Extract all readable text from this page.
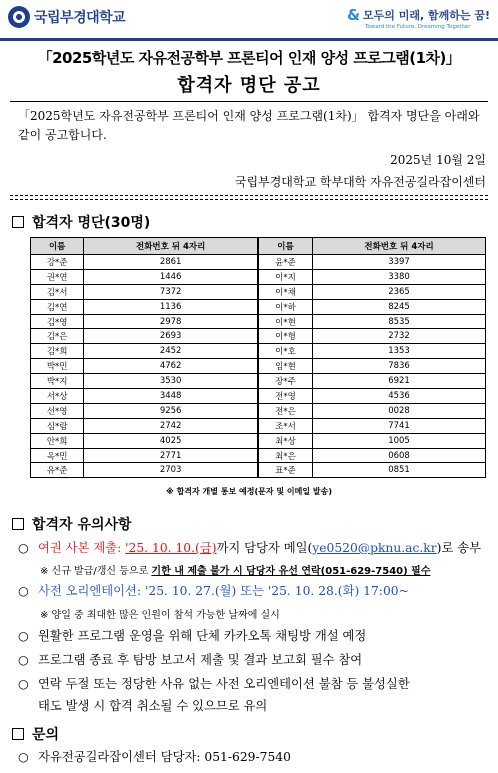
국립부경대학교	& 모두의 미래, 함께하는 꿈!
Toward the Future, Dreaming Together
「2025학년도 자유전공학부 프론티어 인재 양성 프로그램(1차)」
합격자 명단 공고
「2025학년도 자유전공학부 프론티어 인재 양성 프로그램(1차)」 합격자 명단을 아래와 같이 공고합니다.
2025년 10월 2일
국립부경대학교 학부대학 자유전공길라잡이센터
합격자 명단(30명)
이름	전화번호 뒤 4자리	이름	전화번호 뒤 4자리
강*준	2861	윤*준	3397
권*연	1446	이*지	3380
김*서	7372	이*채	2365
김*연	1136	이*하	8245
김*영	2978	이*현	8535
김*은	2693	이*형	2732
김*희	2452	이*호	1353
박*민	4762	임*현	7836
박*지	3530	장*주	6921
서*상	3448	전*영	4536
선*영	9256	전*은	0028
심*람	2742	조*서	7741
안*희	4025	최*상	1005
옥*민	2771	최*은	0608
유*준	2703	표*준	0851
※ 합격자 개별 통보 예정(문자 및 이메일 발송)
합격자 유의사항
○ 여권 사본 제출: '25. 10. 10.(금)까지 담당자 메일(ye0520@pknu.ac.kr)로 송부
※ 신규 발급/갱신 등으로 기한 내 제출 불가 시 담당자 유선 연락(051-629-7540) 필수
○ 사전 오리엔테이션: '25. 10. 27.(월) 또는 '25. 10. 28.(화) 17:00~
※ 양일 중 최대한 많은 인원이 참석 가능한 날짜에 실시
○ 원활한 프로그램 운영을 위해 단체 카카오톡 채팅방 개설 예정
○ 프로그램 종료 후 탐방 보고서 제출 및 결과 보고회 필수 참여
○ 연락 두절 또는 정당한 사유 없는 사전 오리엔테이션 불참 등 불성실한
태도 발생 시 합격 취소될 수 있으므로 유의
문의
○ 자유전공길라잡이센터 담당자: 051-629-7540
